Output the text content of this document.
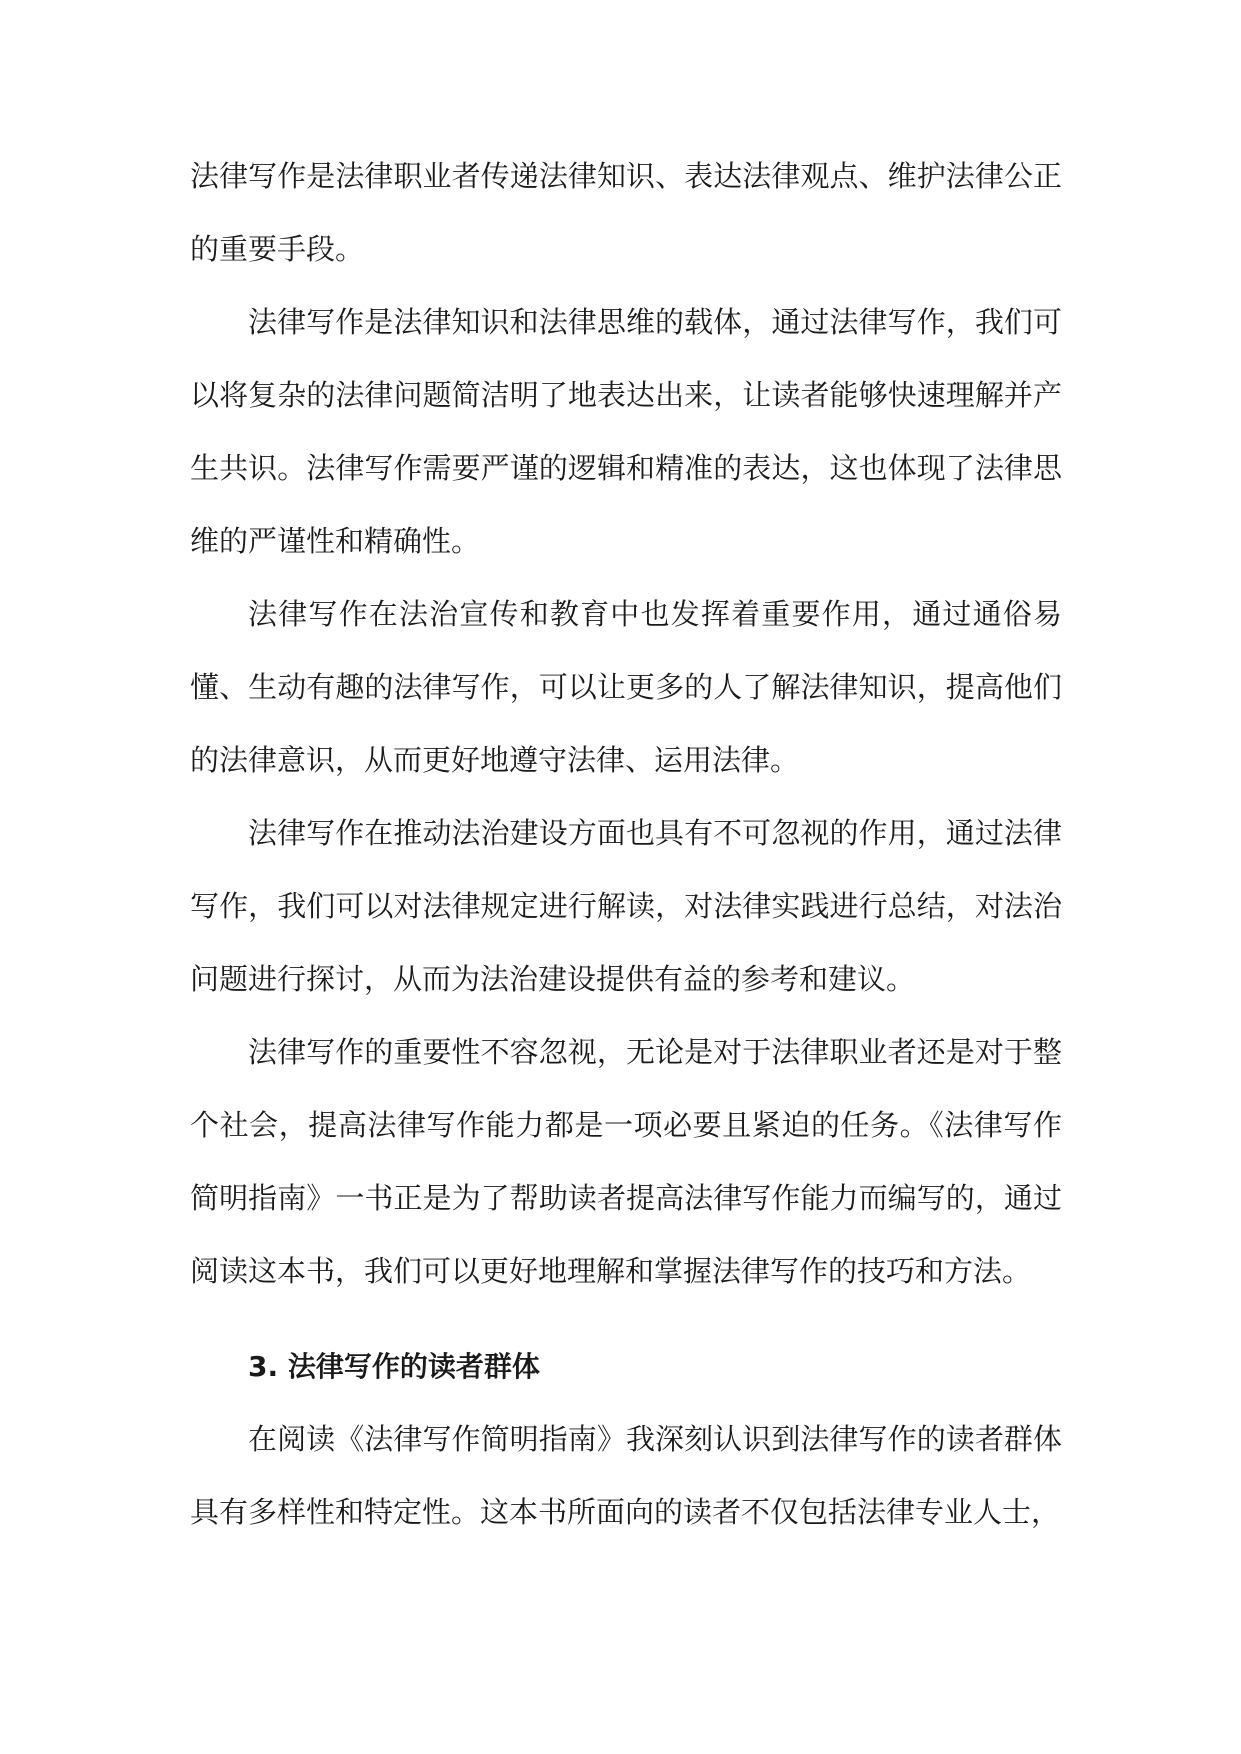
法律写作是法律职业者传递法律知识、表达法律观点、维护法律公正的重要手段。

法律写作是法律知识和法律思维的载体，通过法律写作，我们可以将复杂的法律问题简洁明了地表达出来，让读者能够快速理解并产生共识。法律写作需要严谨的逻辑和精准的表达，这也体现了法律思维的严谨性和精确性。

法律写作在法治宣传和教育中也发挥着重要作用，通过通俗易懂、生动有趣的法律写作，可以让更多的人了解法律知识，提高他们的法律意识，从而更好地遵守法律、运用法律。

法律写作在推动法治建设方面也具有不可忽视的作用，通过法律写作，我们可以对法律规定进行解读，对法律实践进行总结，对法治问题进行探讨，从而为法治建设提供有益的参考和建议。

法律写作的重要性不容忽视，无论是对于法律职业者还是对于整个社会，提高法律写作能力都是一项必要且紧迫的任务。《法律写作简明指南》一书正是为了帮助读者提高法律写作能力而编写的，通过阅读这本书，我们可以更好地理解和掌握法律写作的技巧和方法。

3. 法律写作的读者群体

在阅读《法律写作简明指南》我深刻认识到法律写作的读者群体具有多样性和特定性。这本书所面向的读者不仅包括法律专业人士，
